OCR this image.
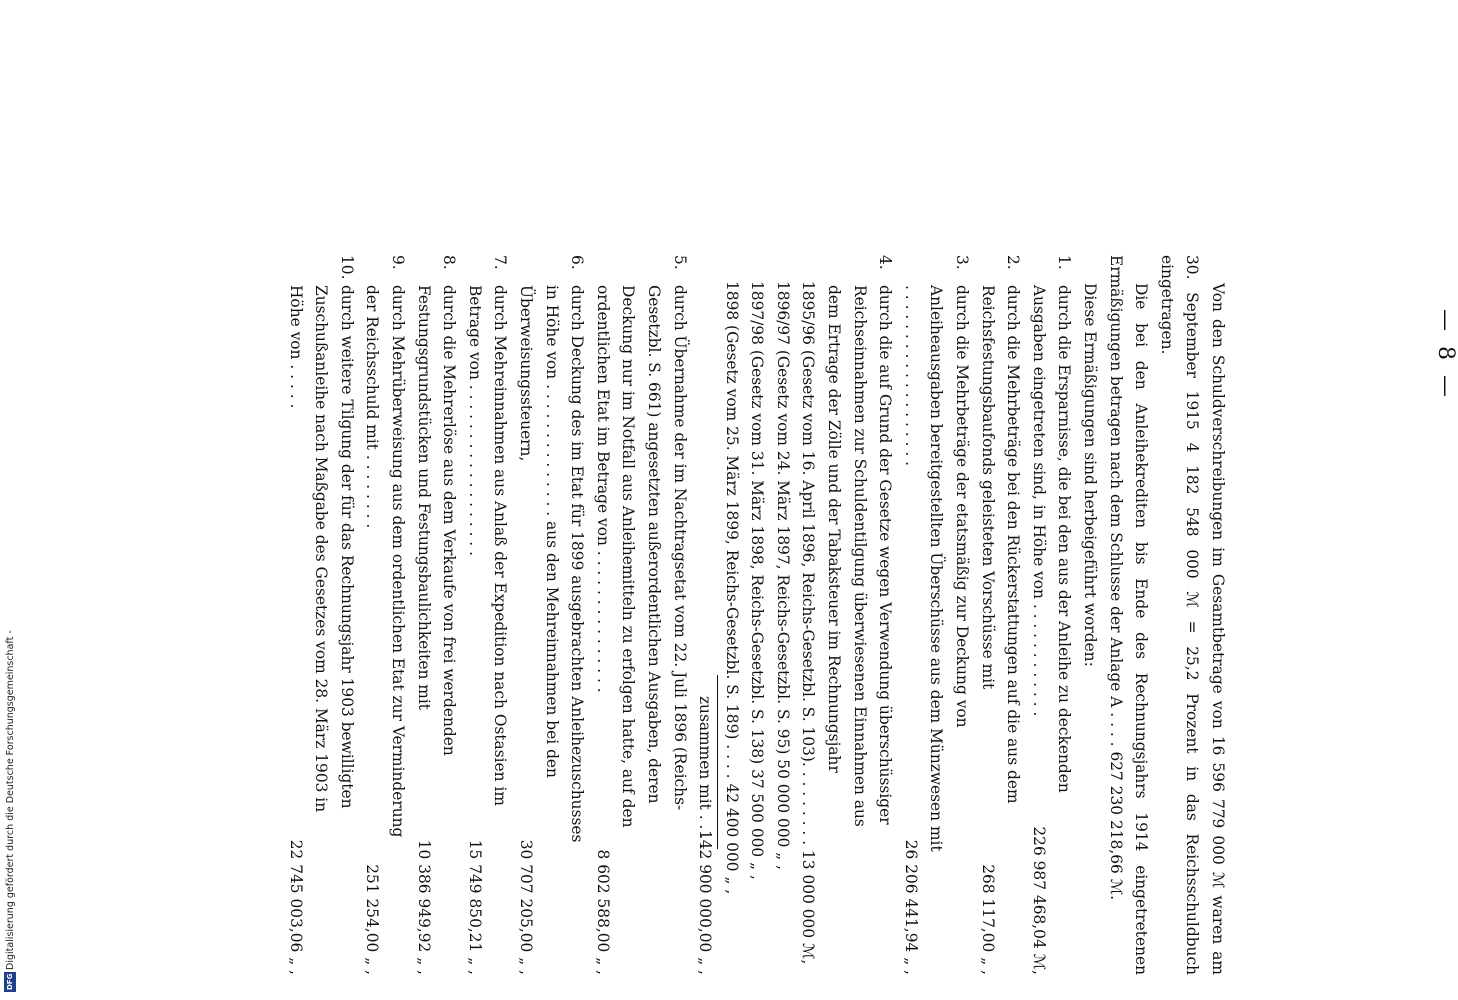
Digitalisierung gefördert durch die Deutsche Forschungsgemeinschaft -
DFG
— 8 —

Von den Schuldverschreibungen im Gesamtbetrage von 16 596 779 000 ℳ waren am 30. September 1915 4 182 548 000 ℳ = 25,2 Prozent in das Reichsschuldbuch eingetragen.

Die bei den Anleihekrediten bis Ende des Rechnungsjahrs 1914 eingetretenen Ermäßigungen betragen nach dem Schlusse der Anlage A . . . . 627 230 218,66 ℳ.

Diese Ermäßigungen sind herbeigeführt worden:

1.
durch die Ersparnisse, die bei den aus der Anleihe zu deckenden Ausgaben eingetreten sind, in Höhe von . . . . . . . . . . . .
226 987 468,04 ℳ,
2.
durch die Mehrbeträge bei den Rückerstattungen auf die aus dem Reichsfestungsbaufonds geleisteten Vorschüsse mit
268 117,00 „ ,
3.
durch die Mehrbeträge der etatsmäßig zur Deckung von Anleiheausgaben bereitgestellten Überschüsse aus dem Münzwesen mit . . . . . . . . . . . . . . . . . . .
26 206 441,94 „ ,
4.
durch die auf Grund der Gesetze wegen Verwendung überschüssiger Reichseinnahmen zur Schuldentilgung überwiesenen Einnahmen aus dem Ertrage der Zölle und der Tabaksteuer im Rechnungsjahr
1895/96 (Gesetz vom 16. April 1896, Reichs-Gesetzbl. S. 103). . . . . . . . . 13 000 000 ℳ,
1896/97 (Gesetz vom 24. März 1897, Reichs-Gesetzbl. S. 95) 50 000 000 „ ,
1897/98 (Gesetz vom 31. März 1898, Reichs-Gesetzbl. S. 138) 37 500 000 „ ,
1898 (Gesetz vom 25. März 1899, Reichs-Gesetzbl. S. 189) . . . . 42 400 000 „ ,
zusammen mit . . . .
142 900 000,00 „ ,
5.
durch Übernahme der im Nachtragsetat vom 22. Juli 1896 (Reichs-Gesetzbl. S. 661) angesetzten außerordentlichen Ausgaben, deren Deckung nur im Notfall aus Anleihemitteln zu erfolgen hatte, auf den ordentlichen Etat im Betrage von . . . . . . . . . . . . . . .
8 602 588,00 „ ,
6.
durch Deckung des im Etat für 1899 ausgebrachten Anleihezuschusses in Höhe von . . . . . . . . . . . . . . aus den Mehreinnahmen bei den Überweisungssteuern,
30 707 205,00 „ ,
7.
durch Mehreinnahmen aus Anlaß der Expedition nach Ostasien im Betrage von . . . . . . . . . . . . . . . . . .
15 749 850,21 „ ,
8.
durch die Mehrerlöse aus dem Verkaufe von frei werdenden Festungsgrundstücken und Festungsbaulichkeiten mit
10 386 949,92 „ ,
9.
durch Mehrüberweisung aus dem ordentlichen Etat zur Verminderung der Reichsschuld mit . . . . . . . .
251 254,00 „ ,
10.
durch weitere Tilgung der für das Rechnungsjahr 1903 bewilligten Zuschußanleihe nach Maßgabe des Gesetzes vom 28. März 1903 in Höhe von . . . . .
22 745 003,06 „ ,
